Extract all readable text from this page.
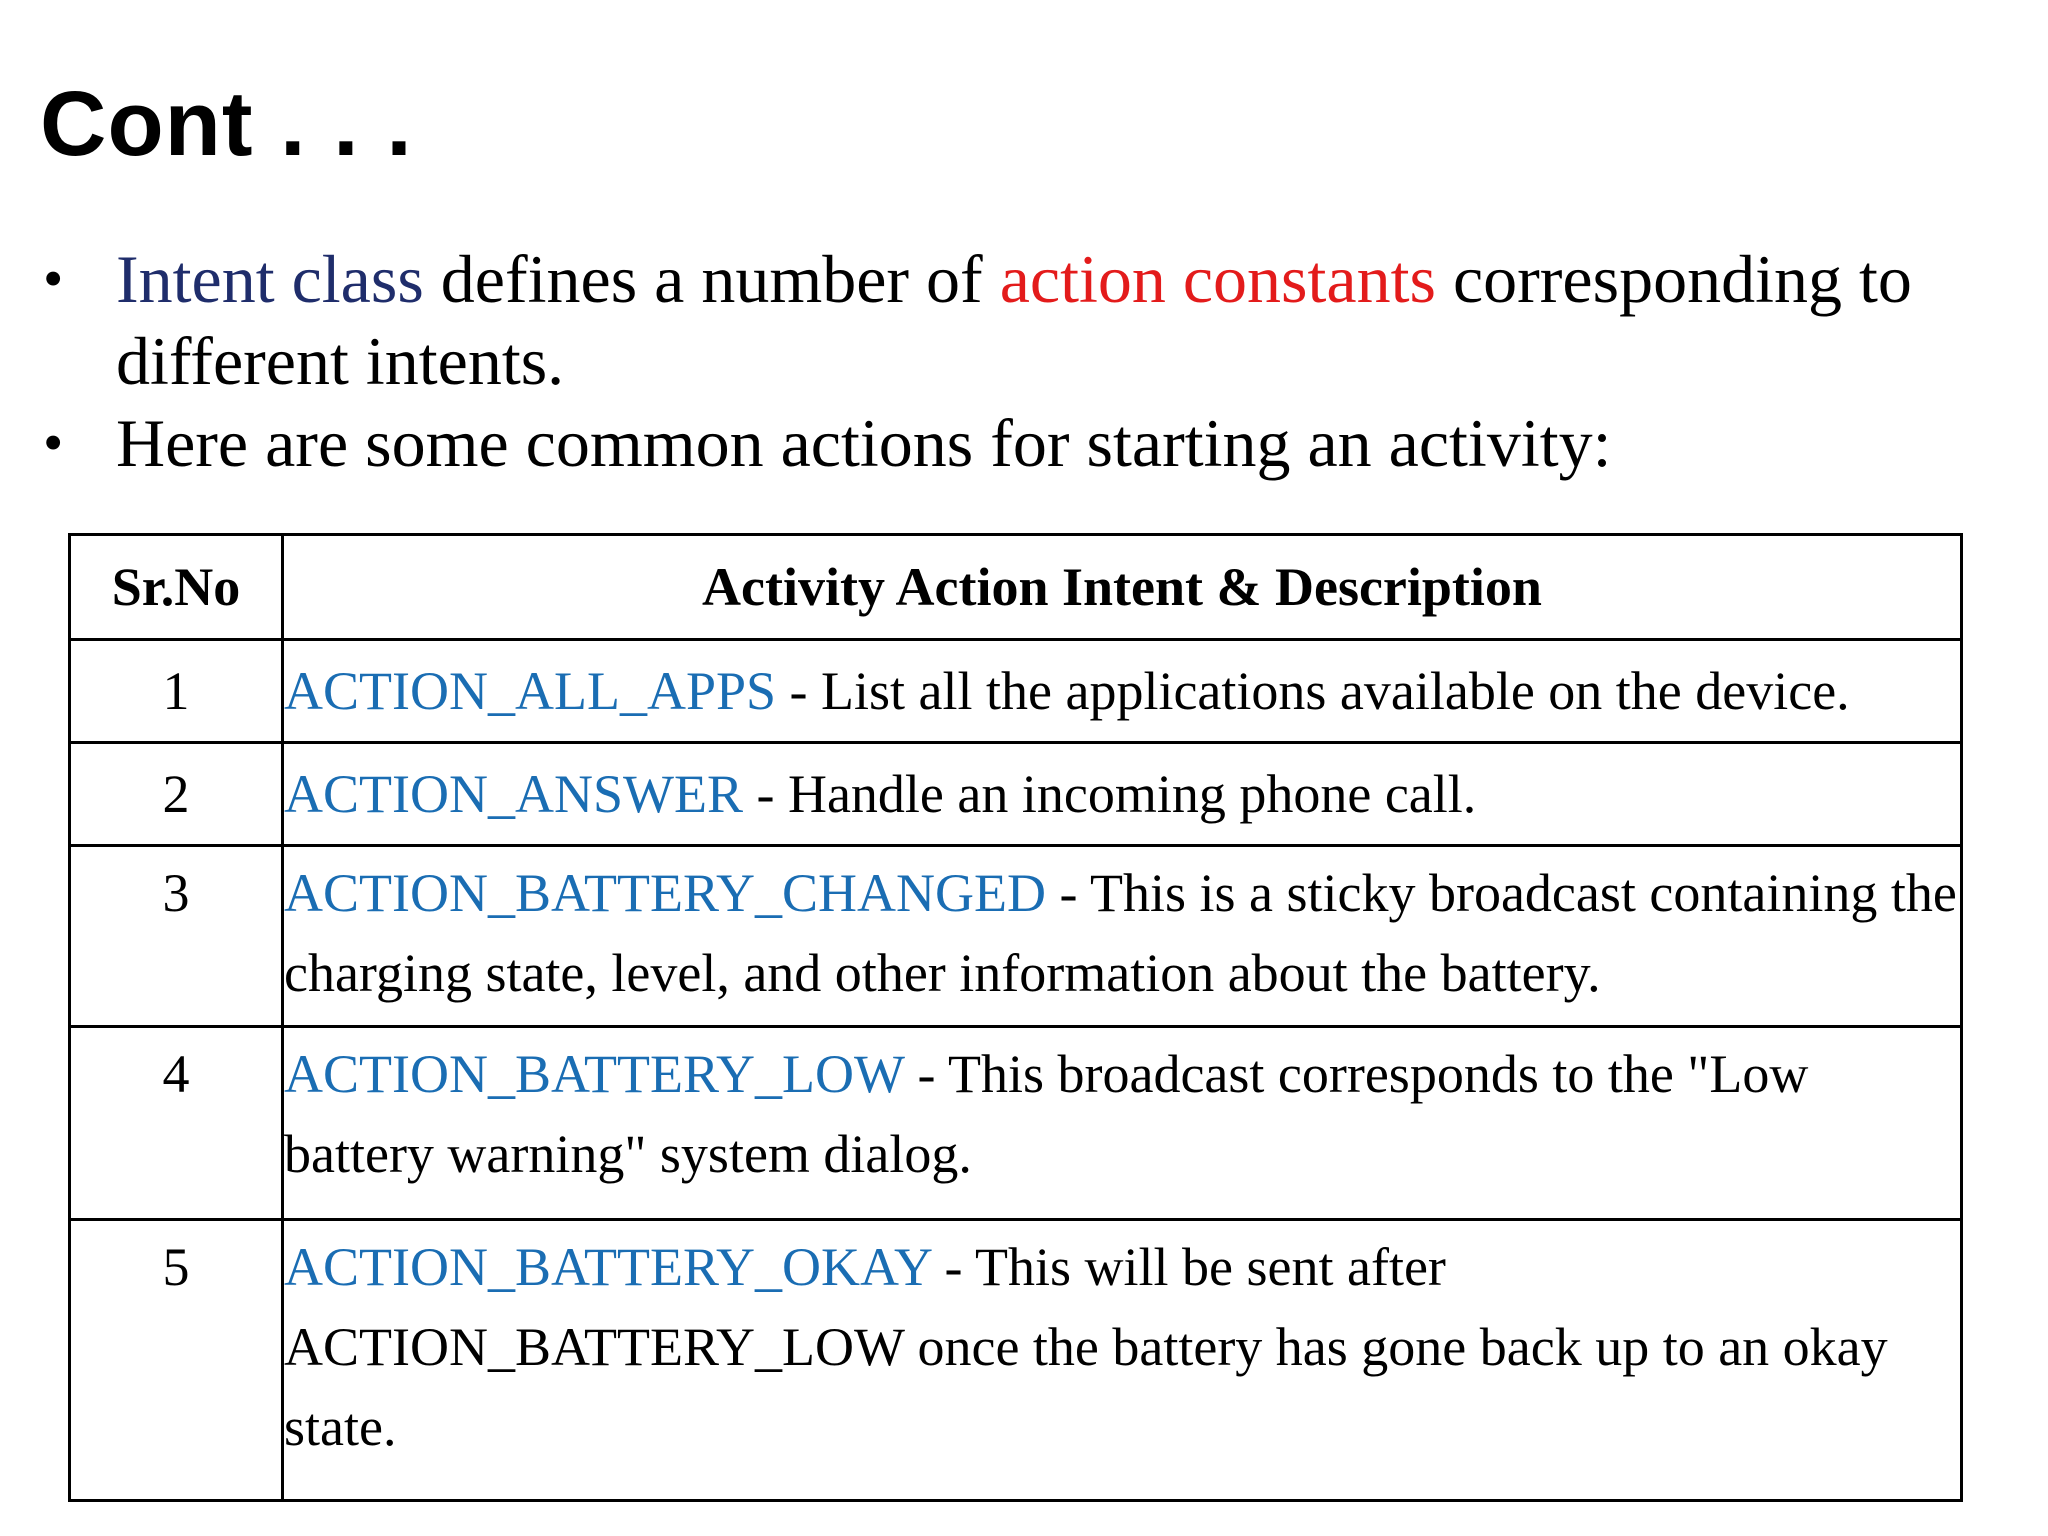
Cont . . .
• Intent class defines a number of action constants corresponding to different intents.
• Here are some common actions for starting an activity:
Sr.No	Activity Action Intent & Description
1	ACTION_ALL_APPS - List all the applications available on the device.
2	ACTION_ANSWER - Handle an incoming phone call.
3	ACTION_BATTERY_CHANGED - This is a sticky broadcast containing the charging state, level, and other information about the battery.
4	ACTION_BATTERY_LOW - This broadcast corresponds to the "Low battery warning" system dialog.
5	ACTION_BATTERY_OKAY - This will be sent after ACTION_BATTERY_LOW once the battery has gone back up to an okay state.
